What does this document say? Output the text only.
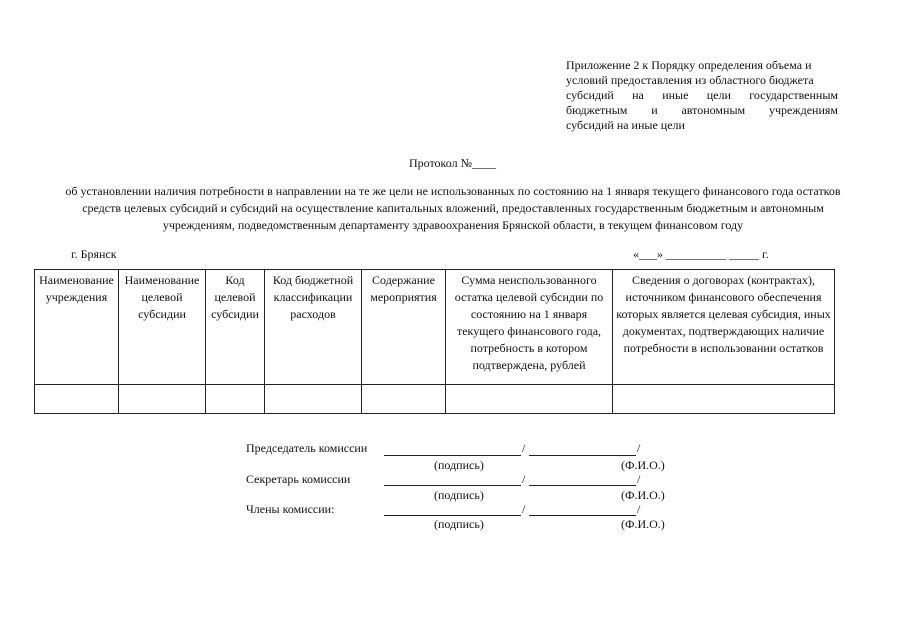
Приложение 2 к Порядку определения объема и
условий предоставления из областного бюджета
субсидий на иные цели государственным
бюджетным и автономным учреждениям
субсидий на иные цели
Протокол №____
об установлении наличия потребности в направлении на те же цели не использованных по состоянию на 1 января текущего финансового года остатков средств целевых субсидий и субсидий на осуществление капитальных вложений, предоставленных государственным бюджетным и автономным учреждениям, подведомственным департаменту здравоохранения Брянской области, в текущем финансовом году
г. Брянск	«___» __________ _____ г.
Наименование учреждения	Наименование целевой субсидии	Код целевой субсидии	Код бюджетной классификации расходов	Содержание мероприятия	Сумма неиспользованного остатка целевой субсидии по состоянию на 1 января текущего финансового года, потребность в котором подтверждена, рублей	Сведения о договорах (контрактах), источником финансового обеспечения которых является целевая субсидия, иных документах, подтверждающих наличие потребности в использовании остатков

Председатель комиссии	/	/
(подпись)	(Ф.И.О.)
Секретарь комиссии	/	/
(подпись)	(Ф.И.О.)
Члены комиссии:	/	/
(подпись)	(Ф.И.О.)
